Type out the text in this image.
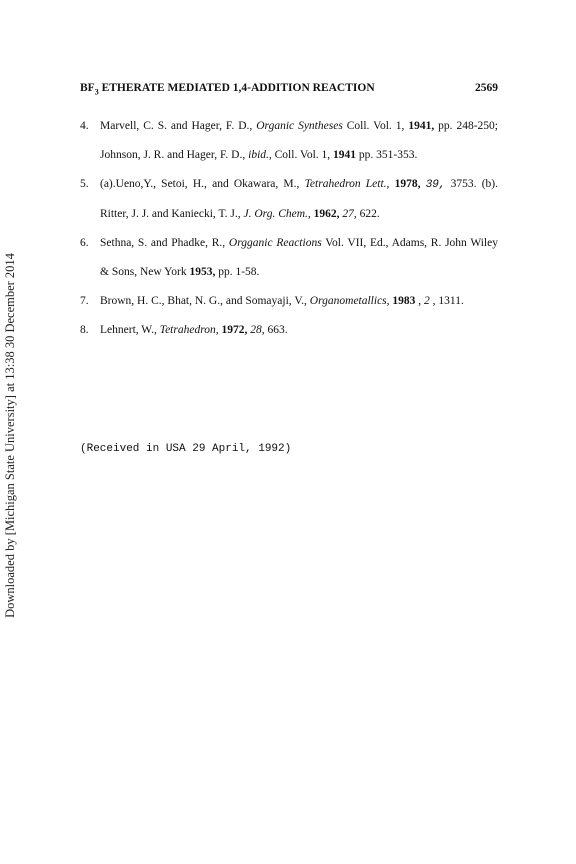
Downloaded by [Michigan State University] at 13:38 30 December 2014
$BF_3$ ETHERATE MEDIATED 1,4-ADDITION REACTION	2569
4. Marvell, C. S. and Hager, F. D., Organic Syntheses Coll. Vol. 1, 1941, pp. 248-250; Johnson, J. R. and Hager, F. D., ibid., Coll. Vol. 1, 1941 pp. 351-353.
5. (a).Ueno,Y., Setoi, H., and Okawara, M., Tetrahedron Lett., 1978, 39, 3753. (b). Ritter, J. J. and Kaniecki, T. J., J. Org. Chem., 1962, 27, 622.
6. Sethna, S. and Phadke, R., Orgganic Reactions Vol. VII, Ed., Adams, R. John Wiley & Sons, New York 1953, pp. 1-58.
7. Brown, H. C., Bhat, N. G., and Somayaji, V., Organometallics, 1983 , 2 , 1311.
8. Lehnert, W., Tetrahedron, 1972, 28, 663.
(Received in USA 29 April, 1992)
